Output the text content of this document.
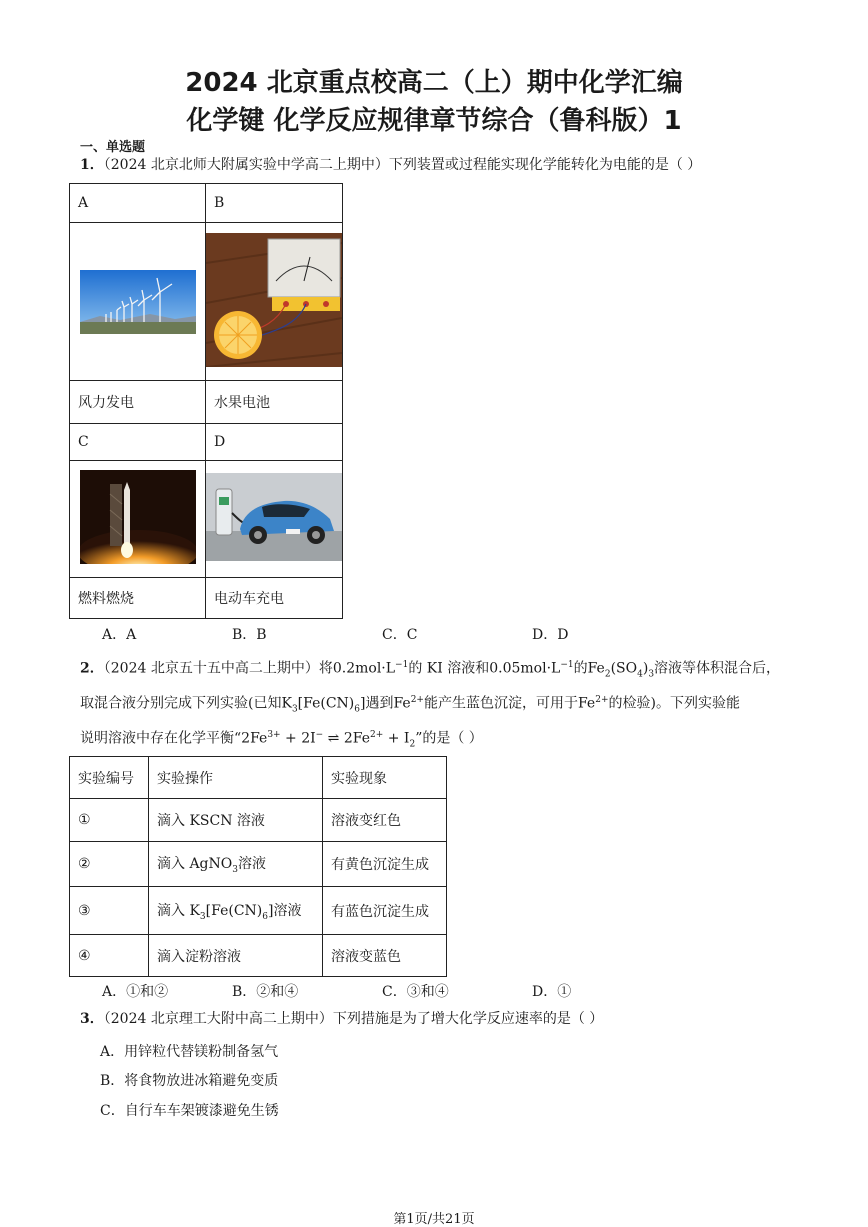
2024 北京重点校高二（上）期中化学汇编
化学键 化学反应规律章节综合（鲁科版）1
一、单选题
1．（2024 北京北师大附属实验中学高二上期中）下列装置或过程能实现化学能转化为电能的是（ ）
A	B

风力发电	水果电池
C	D

燃料燃烧	电动车充电
A．A	B．B	C．C	D．D
2．（2024 北京五十五中高二上期中）将$0.2mol\cdot L^{-1}$的 KI 溶液和$0.05mol\cdot L^{-1}$的$Fe_2(SO_4)_3$溶液等体积混合后，
取混合液分别完成下列实验(已知$K_3[Fe(CN)_6]$遇到$Fe^{2+}$能产生蓝色沉淀，可用于$Fe^{2+}$的检验)。下列实验能
说明溶液中存在化学平衡“$2Fe^{3+} + 2I^-$ ⇌ $2Fe^{2+} + I_2$”的是（ ）
实验编号	实验操作	实验现象
①	滴入 KSCN 溶液	溶液变红色
②	滴入 AgNO$_3$溶液	有黄色沉淀生成
③	滴入 $K_3[Fe(CN)_6]$溶液	有蓝色沉淀生成
④	滴入淀粉溶液	溶液变蓝色
A．①和②	B．②和④	C．③和④	D．①
3．（2024 北京理工大附中高二上期中）下列措施是为了增大化学反应速率的是（ ）
A．用锌粒代替镁粉制备氢气
B．将食物放进冰箱避免变质
C．自行车车架镀漆避免生锈
第1页/共21页
